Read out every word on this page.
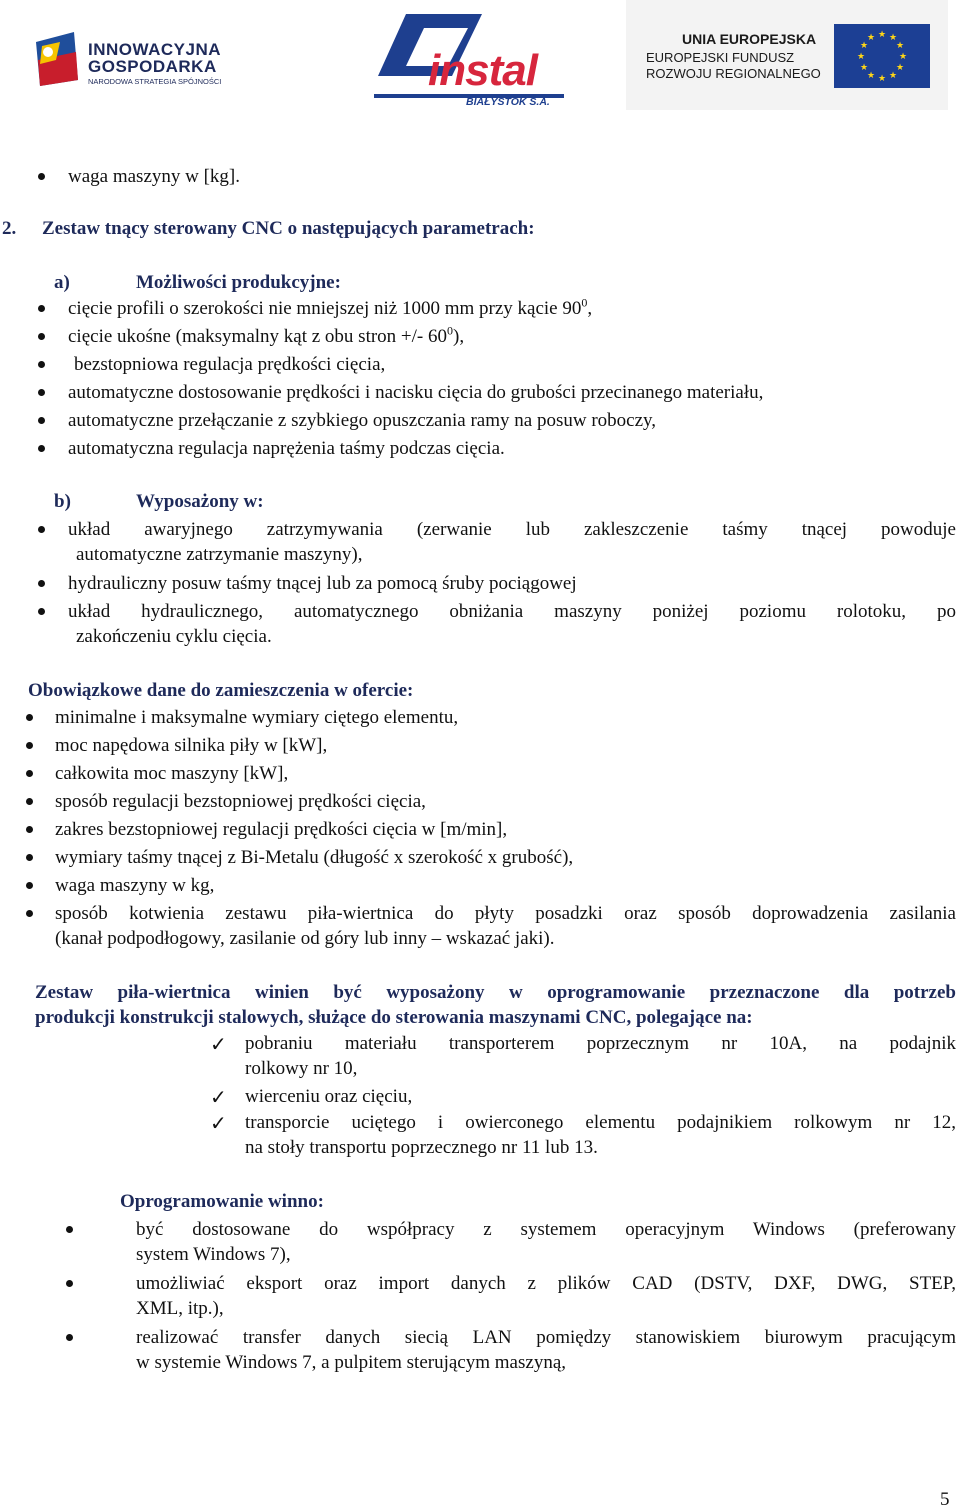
INNOWACYJNA
GOSPODARKA
NARODOWA STRATEGIA SPÓJNOŚCI	instal
BIAŁYSTOK S.A.
UNIA EUROPEJSKA
EUROPEJSKI FUNDUSZ
ROZWOJU REGIONALNEGO
★ ★
★
★
★
★
★
★
★
★
★
★
waga maszyny w [kg].
2. Zestaw tnący sterowany CNC o następujących parametrach:
a)	Możliwości produkcyjne:
cięcie profili o szerokości nie mniejszej niż 1000 mm przy kącie $90^0$,
cięcie ukośne (maksymalny kąt z obu stron +/- $60^0$),
bezstopniowa regulacja prędkości cięcia,
automatyczne dostosowanie prędkości i nacisku cięcia do grubości przecinanego materiału,
automatyczne przełączanie z szybkiego opuszczania ramy na posuw roboczy,
automatyczna regulacja naprężenia taśmy podczas cięcia.
b)	Wyposażony w:
układ awaryjnego zatrzymywania (zerwanie lub zakleszczenie taśmy tnącej powoduje
automatyczne zatrzymanie maszyny),
hydrauliczny posuw taśmy tnącej lub za pomocą śruby pociągowej
układ hydraulicznego, automatycznego obniżania maszyny poniżej poziomu rolotoku, po
zakończeniu cyklu cięcia.
Obowiązkowe dane do zamieszczenia w ofercie:
minimalne i maksymalne wymiary ciętego elementu,
moc napędowa silnika piły w [kW],
całkowita moc maszyny [kW],
sposób regulacji bezstopniowej prędkości cięcia,
zakres bezstopniowej regulacji prędkości cięcia w [m/min],
wymiary taśmy tnącej z Bi-Metalu (długość x szerokość x grubość),
waga maszyny w kg,
sposób kotwienia zestawu piła-wiertnica do płyty posadzki oraz sposób doprowadzenia zasilania
(kanał podpodłogowy, zasilanie od góry lub inny – wskazać jaki).
Zestaw piła-wiertnica winien być wyposażony w oprogramowanie przeznaczone dla potrzeb
produkcji konstrukcji stalowych, służące do sterowania maszynami CNC, polegające na:
✓ pobraniu materiału transporterem poprzecznym nr 10A, na podajnik
rolkowy nr 10,
✓ wierceniu oraz cięciu,
✓ transporcie uciętego i owierconego elementu podajnikiem rolkowym nr 12,
na stoły transportu poprzecznego nr 11 lub 13.
Oprogramowanie winno:
być dostosowane do współpracy z systemem operacyjnym Windows (preferowany
system Windows 7),
umożliwiać eksport oraz import danych z plików CAD (DSTV, DXF, DWG, STEP,
XML, itp.),
realizować transfer danych siecią LAN pomiędzy stanowiskiem biurowym pracującym
w systemie Windows 7, a pulpitem sterującym maszyną,
5
